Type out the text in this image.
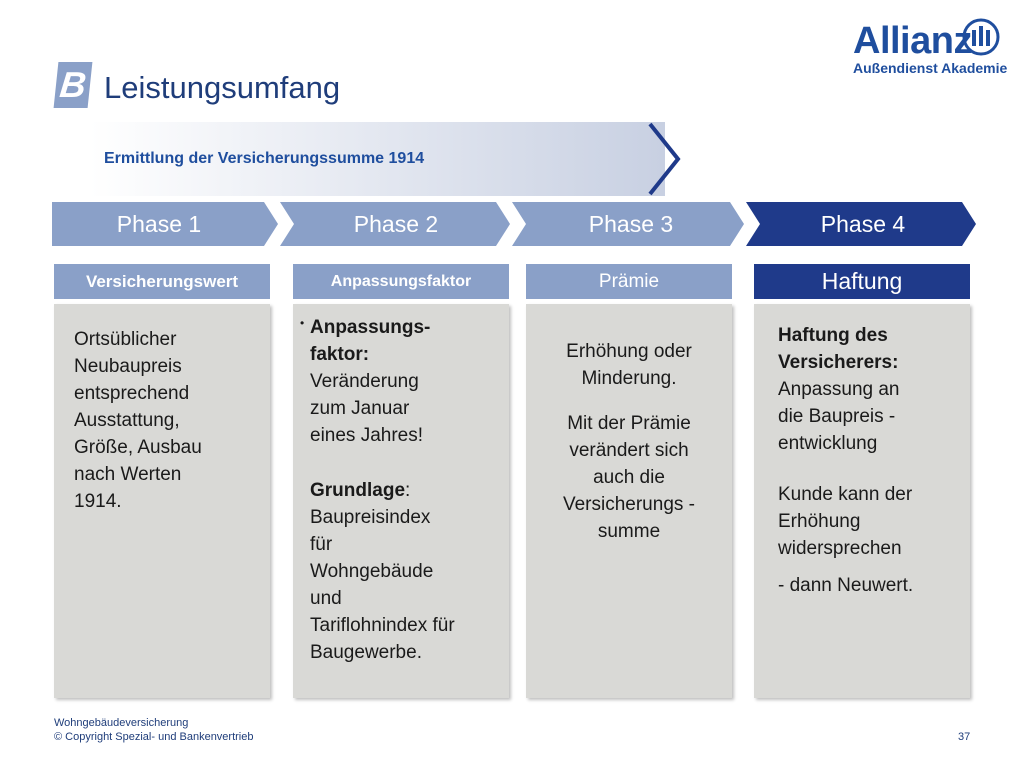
B Leistungsumfang
Allianz
Außendienst Akademie
Ermittlung der Versicherungssumme 1914
Phase 1	Phase 2	Phase 3	Phase 4
Versicherungswert	Anpassungsfaktor	Prämie	Haftung
Ortsüblicher
Neubaupreis
entsprechend
Ausstattung,
Größe, Ausbau
nach Werten
1914.
• Anpassungs-
faktor:
Veränderung
zum Januar
eines Jahres!
Grundlage:
Baupreisindex
für
Wohngebäude
und
Tariflohnindex für
Baugewerbe.
Erhöhung oder
Minderung.
Mit der Prämie
verändert sich
auch die
Versicherungs -
summe
Haftung des
Versicherers:
Anpassung an
die Baupreis -
entwicklung
Kunde kann der
Erhöhung
widersprechen
- dann Neuwert.
Wohngebäudeversicherung
© Copyright Spezial- und Bankenvertrieb	37
